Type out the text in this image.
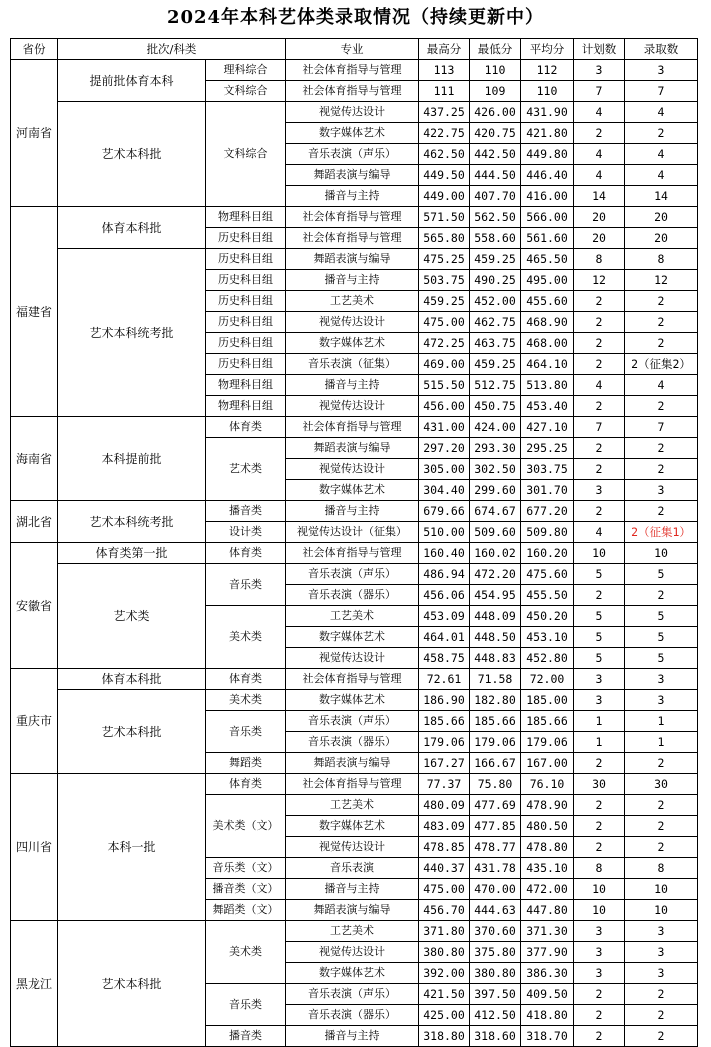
2024年本科艺体类录取情况（持续更新中）
省份	批次/科类		专业	最高分	最低分	平均分	计划数	录取数
河南省	提前批体育本科	理科综合	社会体育指导与管理	113	110	112	3	3
		文科综合	社会体育指导与管理	111	109	110	7	7
	艺术本科批	文科综合	视觉传达设计	437.25	426.00	431.90	4	4
			数字媒体艺术	422.75	420.75	421.80	2	2
			音乐表演（声乐）	462.50	442.50	449.80	4	4
			舞蹈表演与编导	449.50	444.50	446.40	4	4
			播音与主持	449.00	407.70	416.00	14	14
福建省	体育本科批	物理科目组	社会体育指导与管理	571.50	562.50	566.00	20	20
		历史科目组	社会体育指导与管理	565.80	558.60	561.60	20	20
	艺术本科统考批	历史科目组	舞蹈表演与编导	475.25	459.25	465.50	8	8
		历史科目组	播音与主持	503.75	490.25	495.00	12	12
		历史科目组	工艺美术	459.25	452.00	455.60	2	2
		历史科目组	视觉传达设计	475.00	462.75	468.90	2	2
		历史科目组	数字媒体艺术	472.25	463.75	468.00	2	2
		历史科目组	音乐表演（征集）	469.00	459.25	464.10	2	2（征集2）
		物理科目组	播音与主持	515.50	512.75	513.80	4	4
		物理科目组	视觉传达设计	456.00	450.75	453.40	2	2
海南省	本科提前批	体育类	社会体育指导与管理	431.00	424.00	427.10	7	7
		艺术类	舞蹈表演与编导	297.20	293.30	295.25	2	2
			视觉传达设计	305.00	302.50	303.75	2	2
			数字媒体艺术	304.40	299.60	301.70	3	3
湖北省	艺术本科统考批	播音类	播音与主持	679.66	674.67	677.20	2	2
		设计类	视觉传达设计（征集）	510.00	509.60	509.80	4	2（征集1）
安徽省	体育类第一批	体育类	社会体育指导与管理	160.40	160.02	160.20	10	10
	艺术类	音乐类	音乐表演（声乐）	486.94	472.20	475.60	5	5
			音乐表演（器乐）	456.06	454.95	455.50	2	2
		美术类	工艺美术	453.09	448.09	450.20	5	5
			数字媒体艺术	464.01	448.50	453.10	5	5
			视觉传达设计	458.75	448.83	452.80	5	5
重庆市	体育本科批	体育类	社会体育指导与管理	72.61	71.58	72.00	3	3
	艺术本科批	美术类	数字媒体艺术	186.90	182.80	185.00	3	3
		音乐类	音乐表演（声乐）	185.66	185.66	185.66	1	1
			音乐表演（器乐）	179.06	179.06	179.06	1	1
		舞蹈类	舞蹈表演与编导	167.27	166.67	167.00	2	2
四川省	本科一批	体育类	社会体育指导与管理	77.37	75.80	76.10	30	30
		美术类（文）	工艺美术	480.09	477.69	478.90	2	2
			数字媒体艺术	483.09	477.85	480.50	2	2
			视觉传达设计	478.85	478.77	478.80	2	2
		音乐类（文）	音乐表演	440.37	431.78	435.10	8	8
		播音类（文）	播音与主持	475.00	470.00	472.00	10	10
		舞蹈类（文）	舞蹈表演与编导	456.70	444.63	447.80	10	10
黑龙江	艺术本科批	美术类	工艺美术	371.80	370.60	371.30	3	3
			视觉传达设计	380.80	375.80	377.90	3	3
			数字媒体艺术	392.00	380.80	386.30	3	3
		音乐类	音乐表演（声乐）	421.50	397.50	409.50	2	2
			音乐表演（器乐）	425.00	412.50	418.80	2	2
		播音类	播音与主持	318.80	318.60	318.70	2	2
